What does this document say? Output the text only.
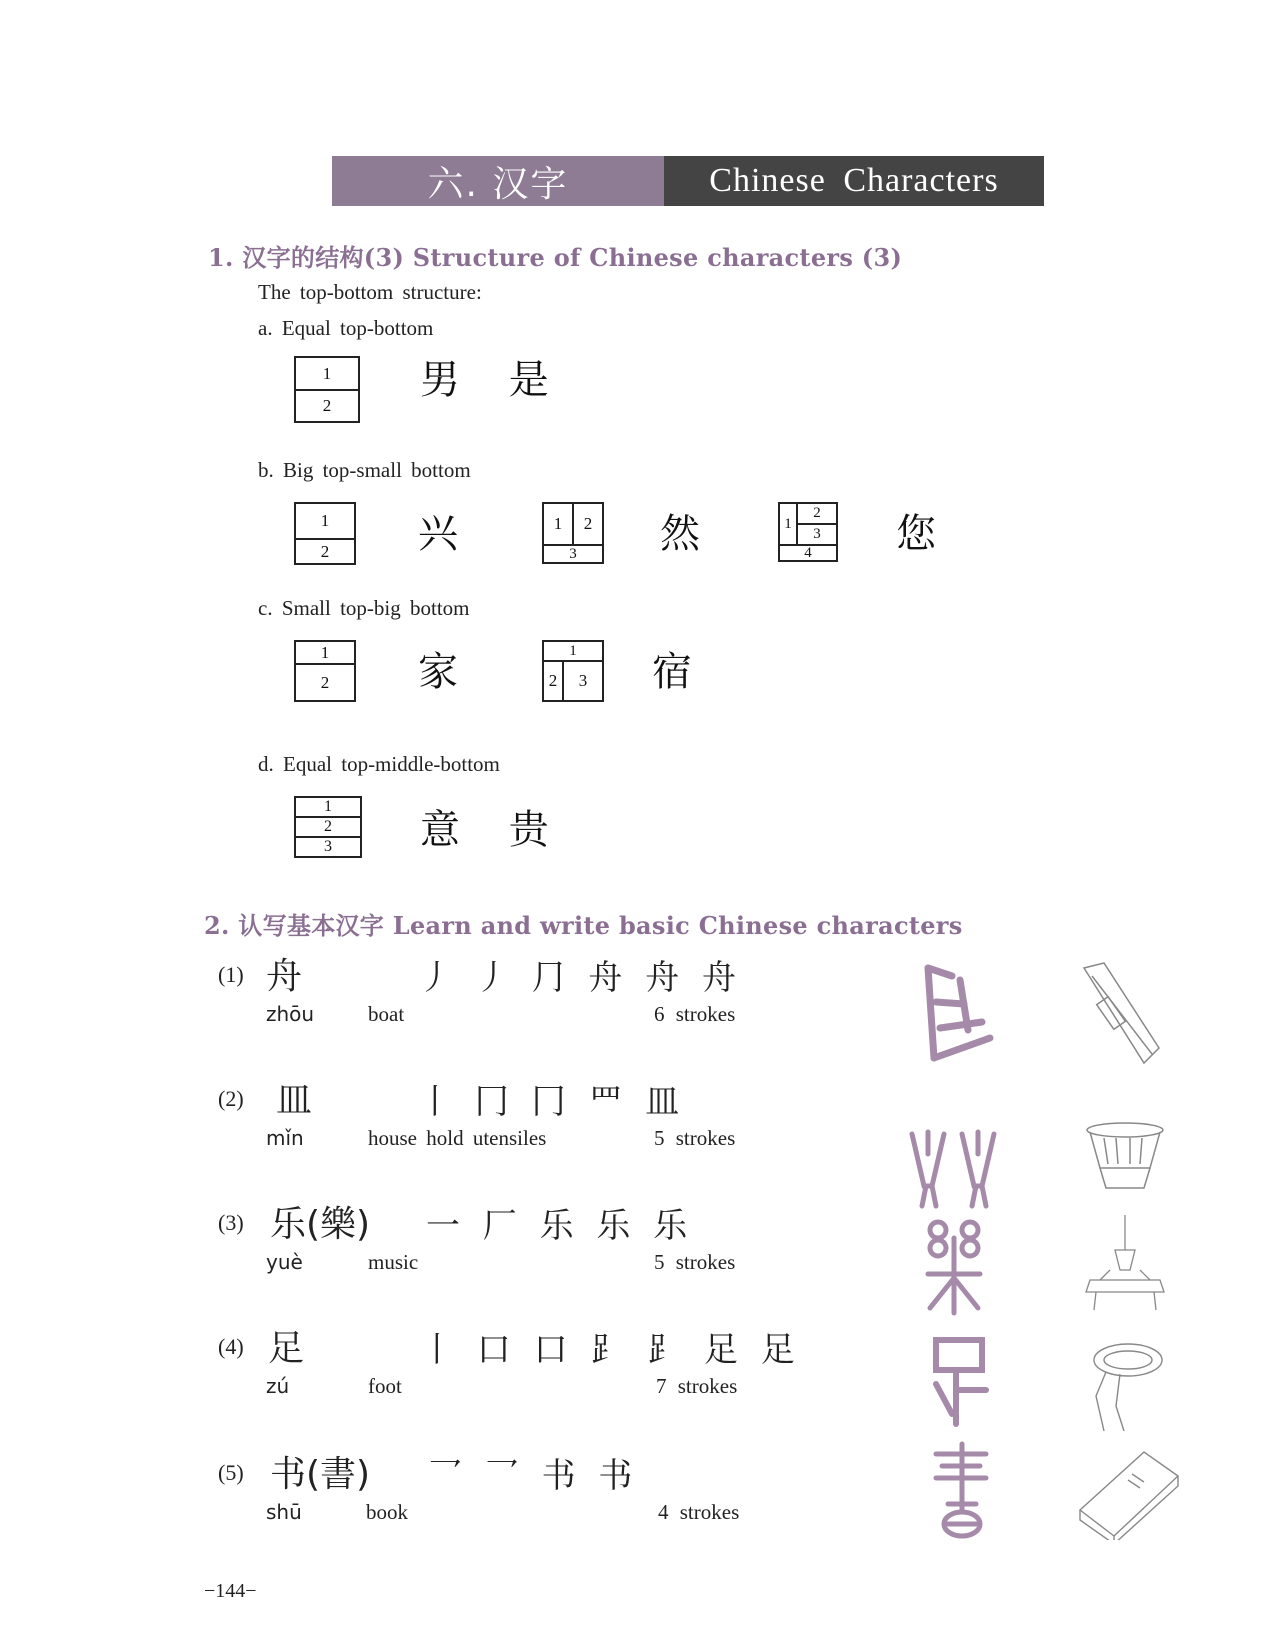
六. 汉字	Chinese Characters
1. 汉字的结构(3) Structure of Chinese characters (3)
The top-bottom structure:
a. Equal top-bottom
1
2
男 是
b. Big top-small bottom
1
2	兴	1	2
3	然	1
2
3
4	您
c. Small top-big bottom
1
2	家	1
2	3	宿
d. Equal top-middle-bottom
1
2
3	意 贵
2. 认写基本汉字 Learn and write basic Chinese characters
(1) 舟	丿 丿 ⺆ 舟 舟 舟
zhōu	boat	6 strokes
(2) 皿	丨 冂 冂 罒 皿
mǐn	house hold utensiles	5 strokes
(3) 乐(樂) 一 厂 乐 乐 乐
yuè	music	5 strokes
(4) 足	丨 口 口 ⻊ ⻊ 足 足
zú	foot	7 strokes
(5) 书(書) 乛 乛 书 书
shū	book	4 strokes
−144−
